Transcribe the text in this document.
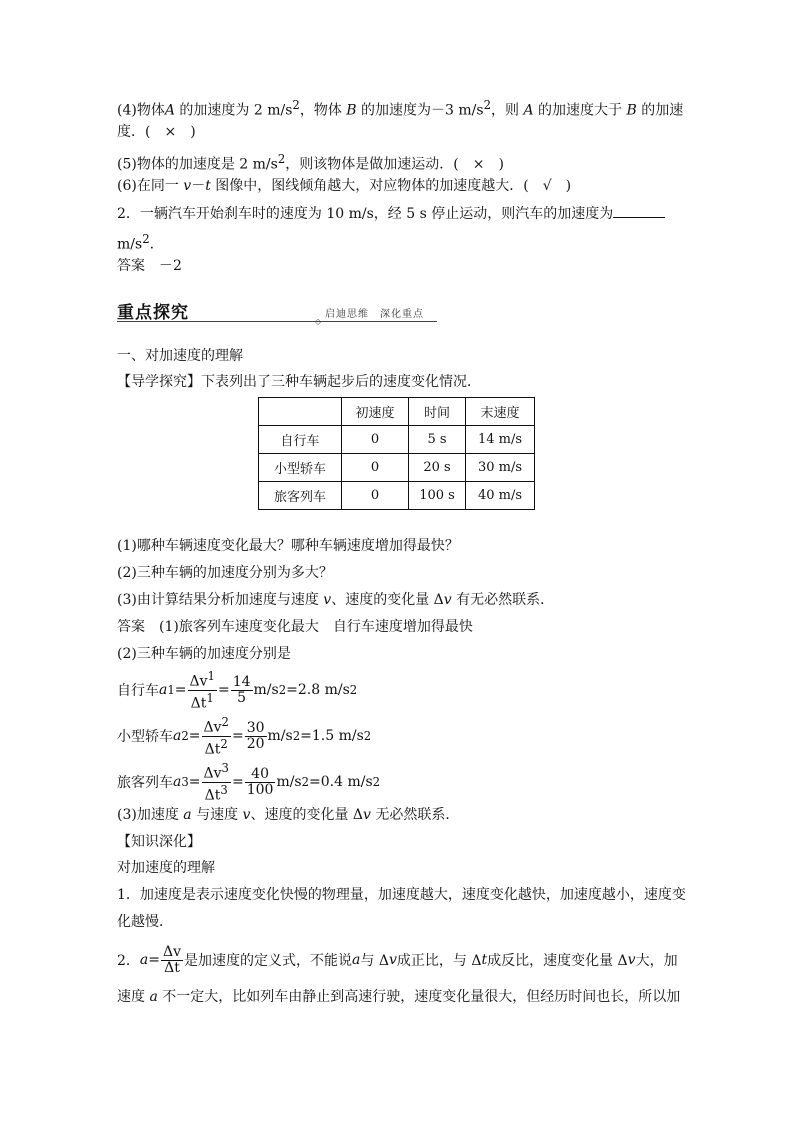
(4)物体A 的加速度为 2 $m/s^2$，物体 B 的加速度为－3 $m/s^2$，则 A 的加速度大于 B 的加速
度．(　×　)
(5)物体的加速度是 2 $m/s^2$，则该物体是做加速运动．(　×　)
(6)在同一 v－t 图像中，图线倾角越大，对应物体的加速度越大．(　√　)
2．一辆汽车开始刹车时的速度为 10 m/s，经 5 s 停止运动，则汽车的加速度为
$m/s^2$.
答案　 －2
重点探究	◇
启迪思维　深化重点
一、对加速度的理解
【导学探究】下表列出了三种车辆起步后的速度变化情况．
	初速度	时间	末速度
自行车	0	5 s	14 m/s
小型轿车	0	20 s	30 m/s
旅客列车	0	100 s	40 m/s
(1)哪种车辆速度变化最大？哪种车辆速度增加得最快？
(2)三种车辆的加速度分别为多大？
(3)由计算结果分析加速度与速度 v、速度的变化量 Δv 有无必然联系．
答案　 (1)旅客列车速度变化最大　自行车速度增加得最快
(2)三种车辆的加速度分别是
自行车 a $1 = \frac{\Delta v^1}{\Delta t^1} = \frac{14}{5} m/s$ 2 =2.8 m/s 2
小型轿车 a $2 = \frac{\Delta v^2}{\Delta t^2} = \frac{30}{20} m/s$ 2 =1.5 m/s 2
旅客列车 a $3 = \frac{\Delta v^3}{\Delta t^3} = \frac{40}{100} m/s$ 2 =0.4 m/s 2
(3)加速度 a 与速度 v、速度的变化量 Δv 无必然联系．
【知识深化】
对加速度的理解
1．加速度是表示速度变化快慢的物理量，加速度越大，速度变化越快，加速度越小，速度变
化越慢．
2． $a = \frac{\Delta v}{\Delta t}$ 是加速度的定义式，不能说 a 与 Δ v 成正比，与 Δ t 成反比，速度变化量 Δ v 大，加
速度 a 不一定大，比如列车由静止到高速行驶，速度变化量很大，但经历时间也长，所以加
